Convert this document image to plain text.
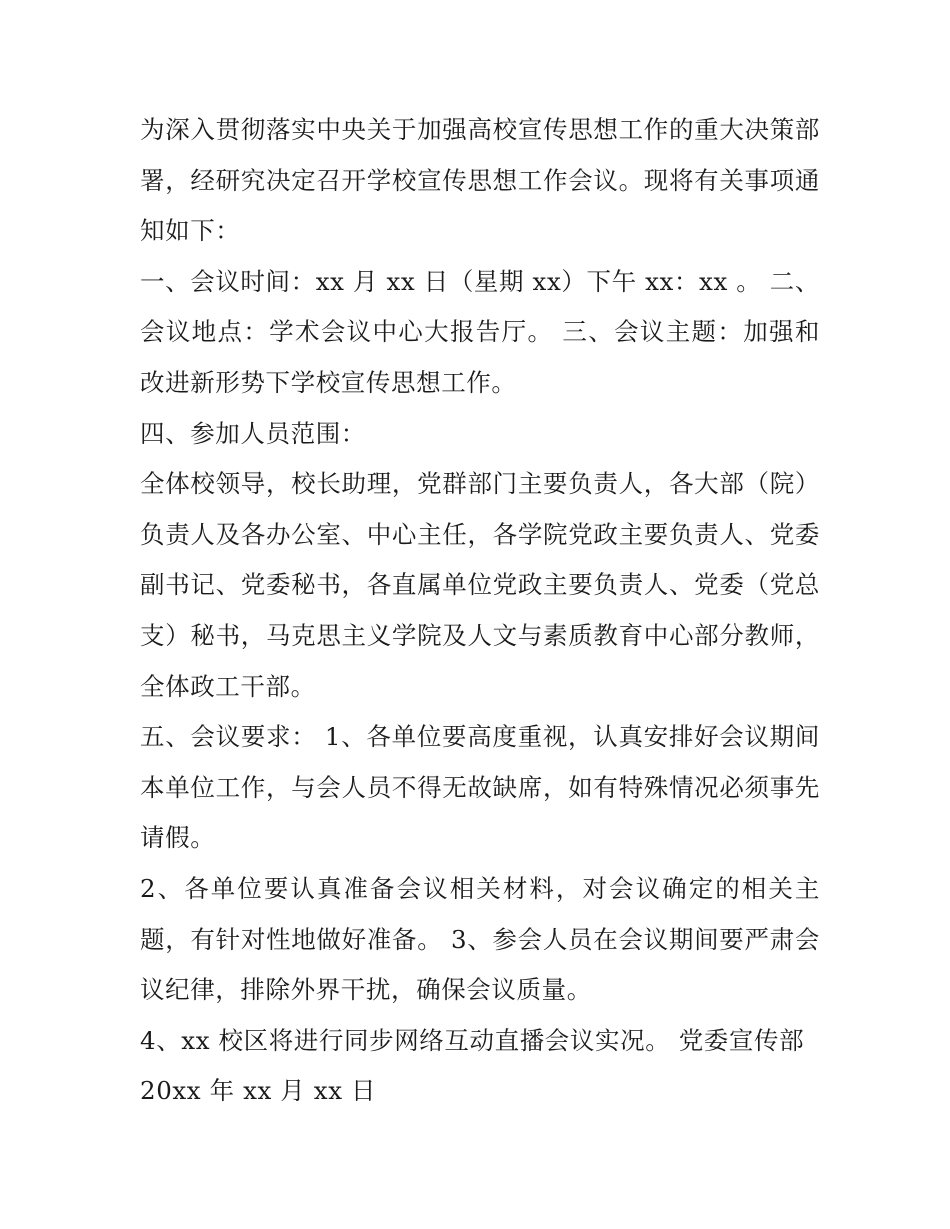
为深入贯彻落实中央关于加强高校宣传思想工作的重大决策部署，经研究决定召开学校宣传思想工作会议。现将有关事项通知如下：

一、会议时间：xx 月 xx 日（星期 xx）下午 xx：xx 。 二、会议地点：学术会议中心大报告厅。 三、会议主题：加强和改进新形势下学校宣传思想工作。

四、参加人员范围：

全体校领导，校长助理，党群部门主要负责人，各大部（院）负责人及各办公室、中心主任，各学院党政主要负责人、党委副书记、党委秘书，各直属单位党政主要负责人、党委（党总支）秘书，马克思主义学院及人文与素质教育中心部分教师，全体政工干部。

五、会议要求： 1、各单位要高度重视，认真安排好会议期间本单位工作，与会人员不得无故缺席，如有特殊情况必须事先请假。

2、各单位要认真准备会议相关材料，对会议确定的相关主题，有针对性地做好准备。 3、参会人员在会议期间要严肃会议纪律，排除外界干扰，确保会议质量。

4、xx 校区将进行同步网络互动直播会议实况。 党委宣传部

20xx 年 xx 月 xx 日
